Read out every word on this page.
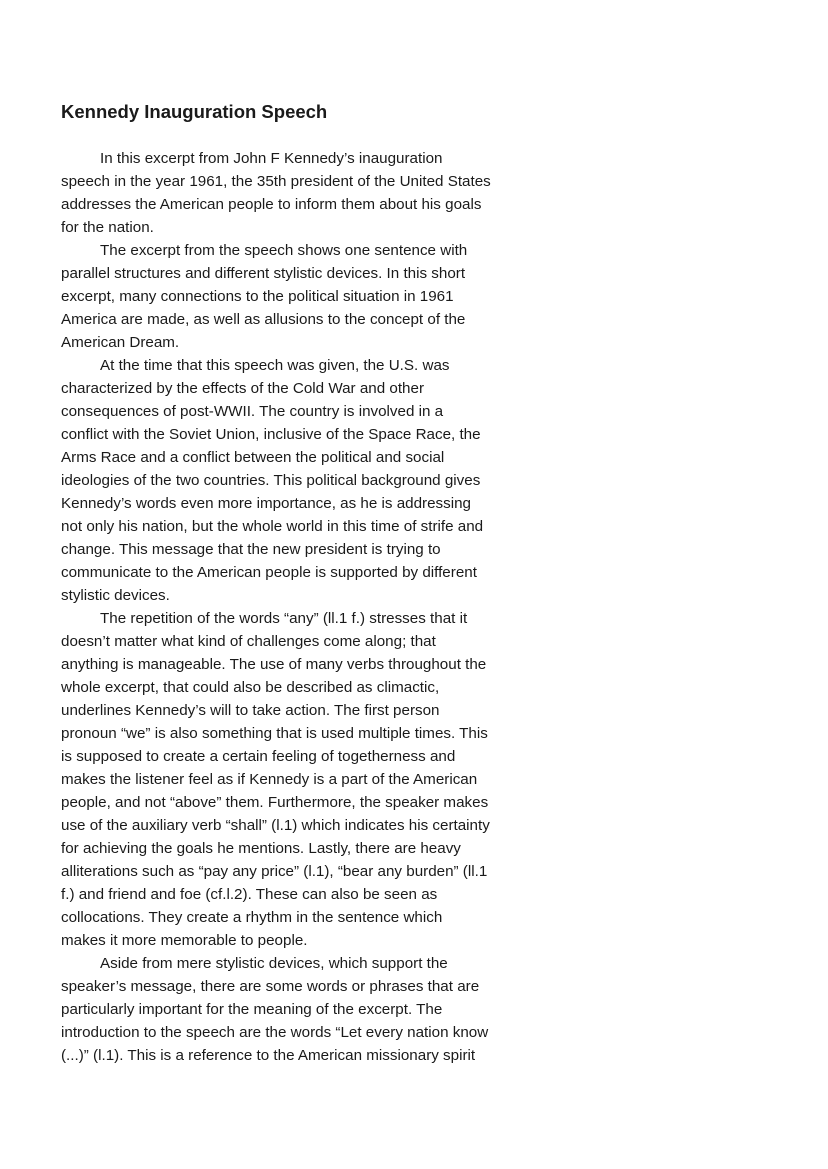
Kennedy Inauguration Speech
In this excerpt from John F Kennedy’s inauguration
speech in the year 1961, the 35th president of the United States
addresses the American people to inform them about his goals
for the nation.
The excerpt from the speech shows one sentence with
parallel structures and different stylistic devices. In this short
excerpt, many connections to the political situation in 1961
America are made, as well as allusions to the concept of the
American Dream.
At the time that this speech was given, the U.S. was
characterized by the effects of the Cold War and other
consequences of post-WWII. The country is involved in a
conflict with the Soviet Union, inclusive of the Space Race, the
Arms Race and a conflict between the political and social
ideologies of the two countries. This political background gives
Kennedy’s words even more importance, as he is addressing
not only his nation, but the whole world in this time of strife and
change. This message that the new president is trying to
communicate to the American people is supported by different
stylistic devices.
The repetition of the words “any” (ll.1 f.) stresses that it
doesn’t matter what kind of challenges come along; that
anything is manageable. The use of many verbs throughout the
whole excerpt, that could also be described as climactic,
underlines Kennedy’s will to take action. The first person
pronoun “we” is also something that is used multiple times. This
is supposed to create a certain feeling of togetherness and
makes the listener feel as if Kennedy is a part of the American
people, and not “above” them. Furthermore, the speaker makes
use of the auxiliary verb “shall” (l.1) which indicates his certainty
for achieving the goals he mentions. Lastly, there are heavy
alliterations such as “pay any price” (l.1), “bear any burden” (ll.1
f.) and friend and foe (cf.l.2). These can also be seen as
collocations. They create a rhythm in the sentence which
makes it more memorable to people.
Aside from mere stylistic devices, which support the
speaker’s message, there are some words or phrases that are
particularly important for the meaning of the excerpt. The
introduction to the speech are the words “Let every nation know
(...)” (l.1). This is a reference to the American missionary spirit
